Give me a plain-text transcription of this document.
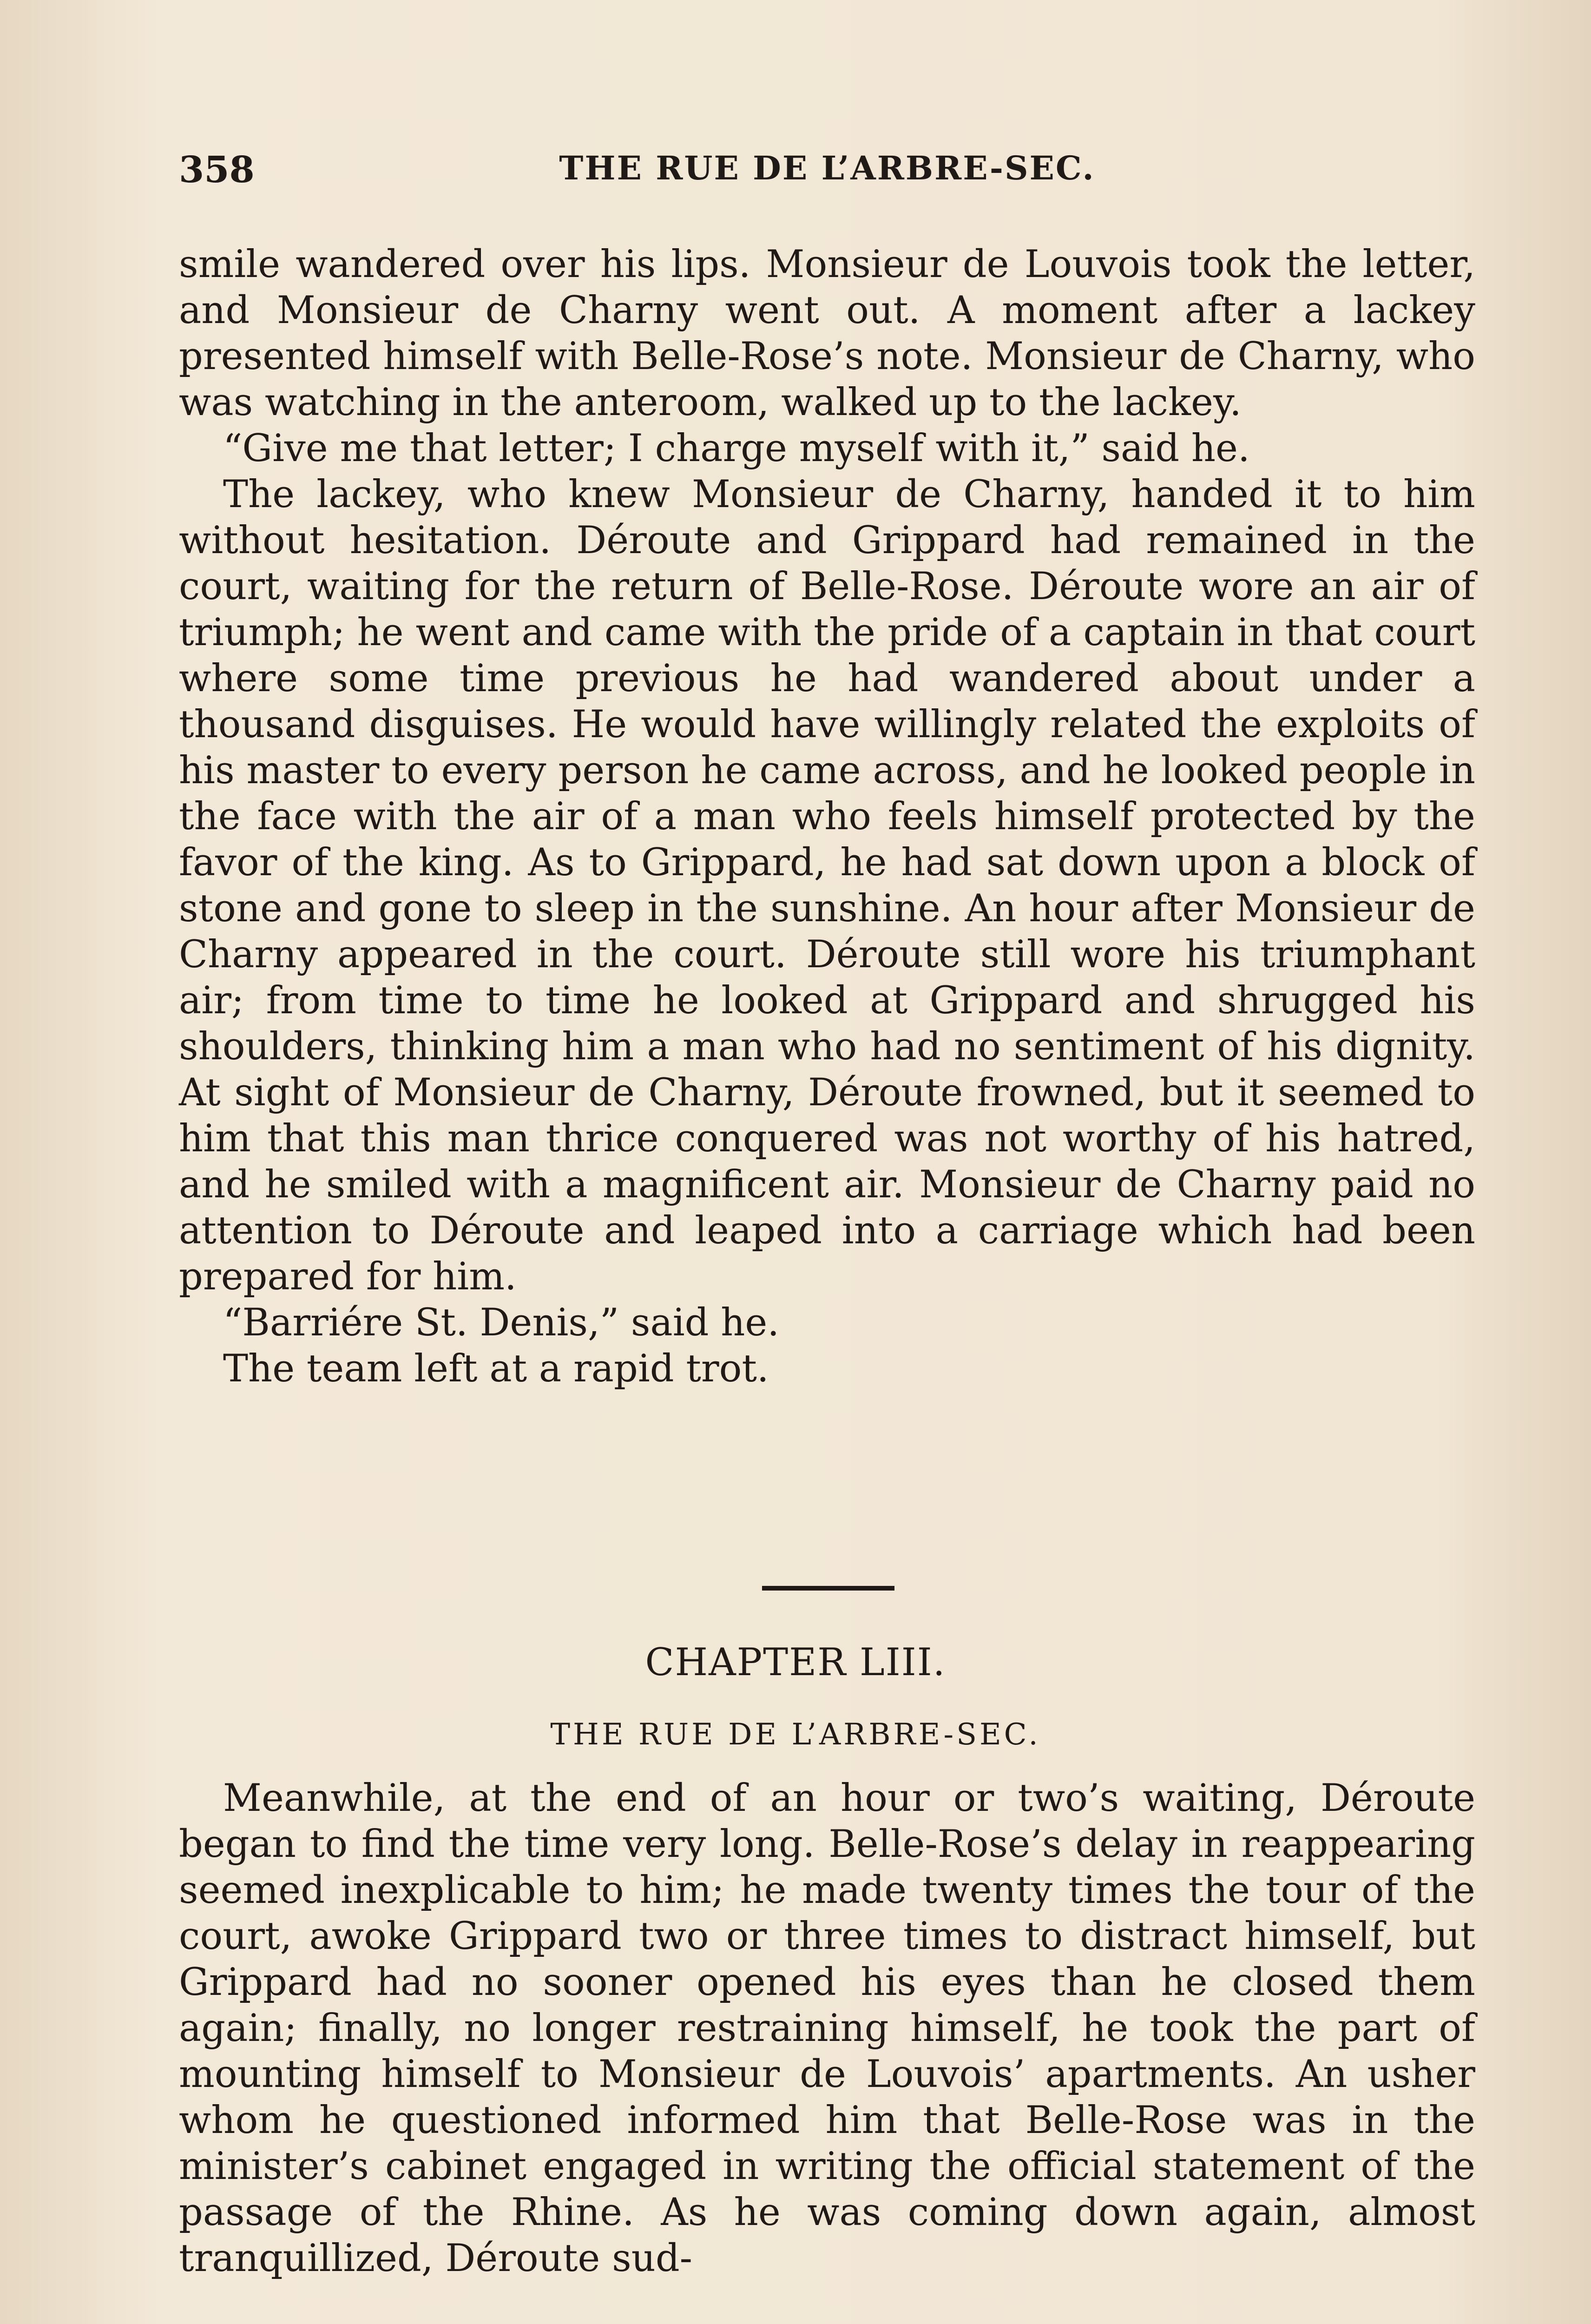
358	THE RUE DE L’ARBRE-SEC.

smile wandered over his lips. Monsieur de Louvois took the letter, and Monsieur de Charny went out. A moment after a lackey presented himself with Belle-Rose’s note. Monsieur de Charny, who was watching in the anteroom, walked up to the lackey.

“Give me that letter; I charge myself with it,” said he.

The lackey, who knew Monsieur de Charny, handed it to him without hesitation. Déroute and Grippard had remained in the court, waiting for the return of Belle-Rose. Déroute wore an air of triumph; he went and came with the pride of a captain in that court where some time previous he had wandered about under a thousand disguises. He would have willingly related the exploits of his master to every person he came across, and he looked people in the face with the air of a man who feels himself protected by the favor of the king. As to Grippard, he had sat down upon a block of stone and gone to sleep in the sunshine. An hour after Monsieur de Charny appeared in the court. Déroute still wore his triumphant air; from time to time he looked at Grippard and shrugged his shoulders, thinking him a man who had no sentiment of his dignity. At sight of Monsieur de Charny, Déroute frowned, but it seemed to him that this man thrice conquered was not worthy of his hatred, and he smiled with a magnificent air. Monsieur de Charny paid no attention to Déroute and leaped into a carriage which had been prepared for him.

“Barriére St. Denis,” said he.

The team left at a rapid trot.

CHAPTER LIII.
THE RUE DE L’ARBRE-SEC.

Meanwhile, at the end of an hour or two’s waiting, Déroute began to find the time very long. Belle-Rose’s delay in reappearing seemed inexplicable to him; he made twenty times the tour of the court, awoke Grippard two or three times to distract himself, but Grippard had no sooner opened his eyes than he closed them again; finally, no longer restraining himself, he took the part of mounting himself to Monsieur de Louvois’ apartments. An usher whom he questioned informed him that Belle-Rose was in the minister’s cabinet engaged in writing the official statement of the passage of the Rhine. As he was coming down again, almost tranquillized, Déroute sud-
